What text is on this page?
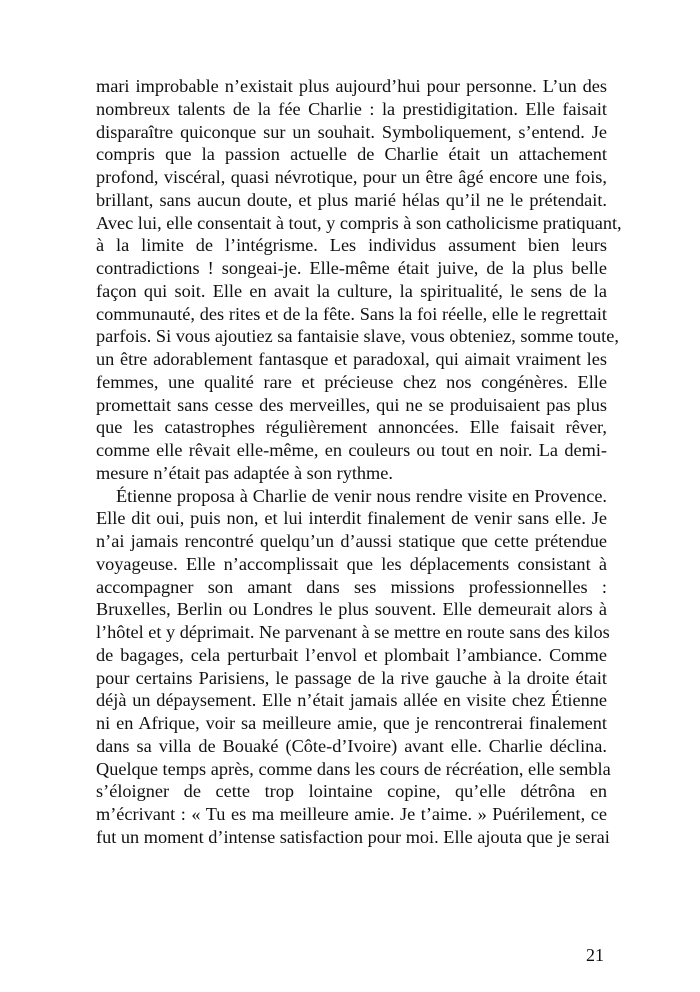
mari improbable n’existait plus aujourd’hui pour personne. L’un des
nombreux talents de la fée Charlie : la prestidigitation. Elle faisait
disparaître quiconque sur un souhait. Symboliquement, s’entend. Je
compris que la passion actuelle de Charlie était un attachement
profond, viscéral, quasi névrotique, pour un être âgé encore une fois,
brillant, sans aucun doute, et plus marié hélas qu’il ne le prétendait.
Avec lui, elle consentait à tout, y compris à son catholicisme pratiquant,
à la limite de l’intégrisme. Les individus assument bien leurs
contradictions ! songeai-je. Elle-même était juive, de la plus belle
façon qui soit. Elle en avait la culture, la spiritualité, le sens de la
communauté, des rites et de la fête. Sans la foi réelle, elle le regrettait
parfois. Si vous ajoutiez sa fantaisie slave, vous obteniez, somme toute,
un être adorablement fantasque et paradoxal, qui aimait vraiment les
femmes, une qualité rare et précieuse chez nos congénères. Elle
promettait sans cesse des merveilles, qui ne se produisaient pas plus
que les catastrophes régulièrement annoncées. Elle faisait rêver,
comme elle rêvait elle-même, en couleurs ou tout en noir. La demi-
mesure n’était pas adaptée à son rythme.
Étienne proposa à Charlie de venir nous rendre visite en Provence.
Elle dit oui, puis non, et lui interdit finalement de venir sans elle. Je
n’ai jamais rencontré quelqu’un d’aussi statique que cette prétendue
voyageuse. Elle n’accomplissait que les déplacements consistant à
accompagner son amant dans ses missions professionnelles :
Bruxelles, Berlin ou Londres le plus souvent. Elle demeurait alors à
l’hôtel et y déprimait. Ne parvenant à se mettre en route sans des kilos
de bagages, cela perturbait l’envol et plombait l’ambiance. Comme
pour certains Parisiens, le passage de la rive gauche à la droite était
déjà un dépaysement. Elle n’était jamais allée en visite chez Étienne
ni en Afrique, voir sa meilleure amie, que je rencontrerai finalement
dans sa villa de Bouaké (Côte-d’Ivoire) avant elle. Charlie déclina.
Quelque temps après, comme dans les cours de récréation, elle sembla
s’éloigner de cette trop lointaine copine, qu’elle détrôna en
m’écrivant : « Tu es ma meilleure amie. Je t’aime. » Puérilement, ce
fut un moment d’intense satisfaction pour moi. Elle ajouta que je serai
21
